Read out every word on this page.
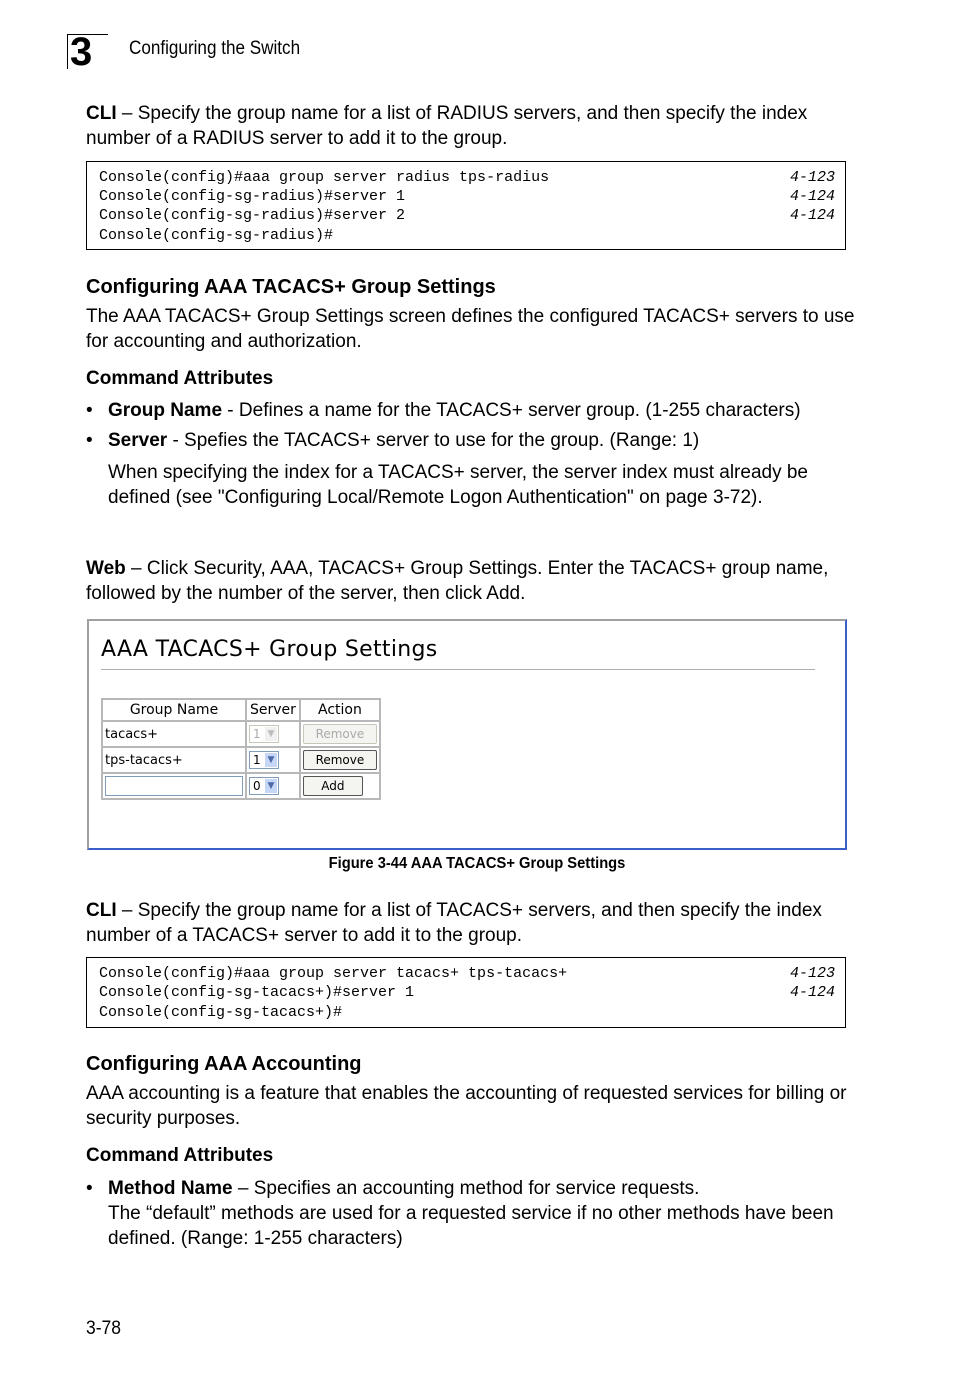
3 Configuring the Switch
CLI – Specify the group name for a list of RADIUS servers, and then specify the index number of a RADIUS server to add it to the group.
Console(config)#aaa group server radius tps-radius	4-123
Console(config-sg-radius)#server 1	4-124
Console(config-sg-radius)#server 2	4-124
Console(config-sg-radius)#
Configuring AAA TACACS+ Group Settings
The AAA TACACS+ Group Settings screen defines the configured TACACS+ servers to use for accounting and authorization.
Command Attributes
• Group Name - Defines a name for the TACACS+ server group. (1-255 characters)
• Server - Spefies the TACACS+ server to use for the group. (Range: 1)
When specifying the index for a TACACS+ server, the server index must already be defined (see "Configuring Local/Remote Logon Authentication" on page 3-72).
Web – Click Security, AAA, TACACS+ Group Settings. Enter the TACACS+ group name, followed by the number of the server, then click Add.
AAA TACACS+ Group Settings
Group Name	Server	Action
tacacs+	1 ▼	Remove
tps-tacacs+	1 ▼	Remove

	0 ▼	Add
Figure 3-44 AAA TACACS+ Group Settings
CLI – Specify the group name for a list of TACACS+ servers, and then specify the index number of a TACACS+ server to add it to the group.
Console(config)#aaa group server tacacs+ tps-tacacs+	4-123
Console(config-sg-tacacs+)#server 1	4-124
Console(config-sg-tacacs+)#
Configuring AAA Accounting
AAA accounting is a feature that enables the accounting of requested services for billing or security purposes.
Command Attributes
• Method Name – Specifies an accounting method for service requests.
The “default” methods are used for a requested service if no other methods have been defined. (Range: 1-255 characters)
3-78
